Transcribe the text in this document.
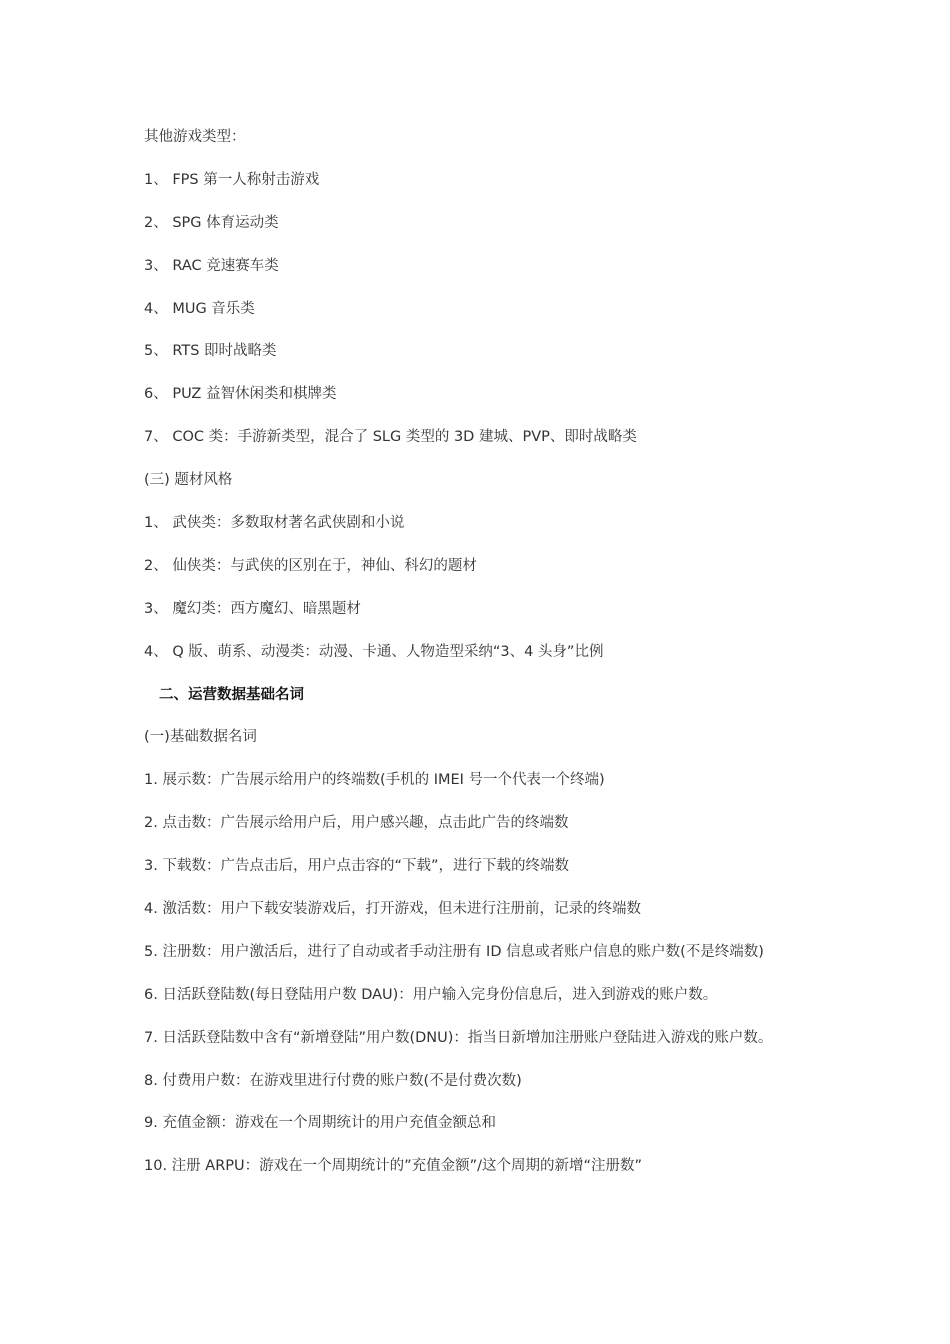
其他游戏类型：
1、 FPS 第一人称射击游戏
2、 SPG 体育运动类
3、 RAC 竞速赛车类
4、 MUG 音乐类
5、 RTS 即时战略类
6、 PUZ 益智休闲类和棋牌类
7、 COC 类：手游新类型，混合了 SLG 类型的 3D 建城、PVP、即时战略类
(三) 题材风格
1、 武侠类：多数取材著名武侠剧和小说
2、 仙侠类：与武侠的区别在于，神仙、科幻的题材
3、 魔幻类：西方魔幻、暗黑题材
4、 Q 版、萌系、动漫类：动漫、卡通、人物造型采纳“3、4 头身”比例
二、运营数据基础名词
(一)基础数据名词
1. 展示数：广告展示给用户的终端数(手机的 IMEI 号一个代表一个终端)
2. 点击数：广告展示给用户后，用户感兴趣，点击此广告的终端数
3. 下载数：广告点击后，用户点击容的“下载”，进行下载的终端数
4. 激活数：用户下载安装游戏后，打开游戏，但未进行注册前，记录的终端数
5. 注册数：用户激活后，进行了自动或者手动注册有 ID 信息或者账户信息的账户数(不是终端数)
6. 日活跃登陆数(每日登陆用户数 DAU)：用户输入完身份信息后，进入到游戏的账户数。
7. 日活跃登陆数中含有“新增登陆”用户数(DNU)：指当日新增加注册账户登陆进入游戏的账户数。
8. 付费用户数：在游戏里进行付费的账户数(不是付费次数)
9. 充值金额：游戏在一个周期统计的用户充值金额总和
10. 注册 ARPU：游戏在一个周期统计的”充值金额”/这个周期的新增“注册数”
